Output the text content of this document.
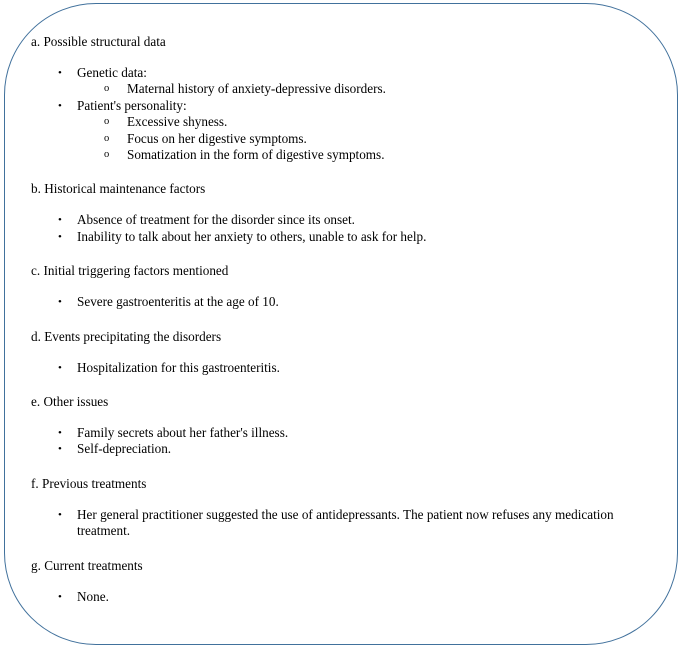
a. Possible structural data

• Genetic data:
o Maternal history of anxiety-depressive disorders.
• Patient's personality:
o Excessive shyness.
o Focus on her digestive symptoms.
o Somatization in the form of digestive symptoms.

b. Historical maintenance factors

• Absence of treatment for the disorder since its onset.
• Inability to talk about her anxiety to others, unable to ask for help.

c. Initial triggering factors mentioned

• Severe gastroenteritis at the age of 10.

d. Events precipitating the disorders

• Hospitalization for this gastroenteritis.

e. Other issues

• Family secrets about her father's illness.
• Self-depreciation.

f. Previous treatments

• Her general practitioner suggested the use of antidepressants. The patient now refuses any medication treatment.

g. Current treatments

• None.
